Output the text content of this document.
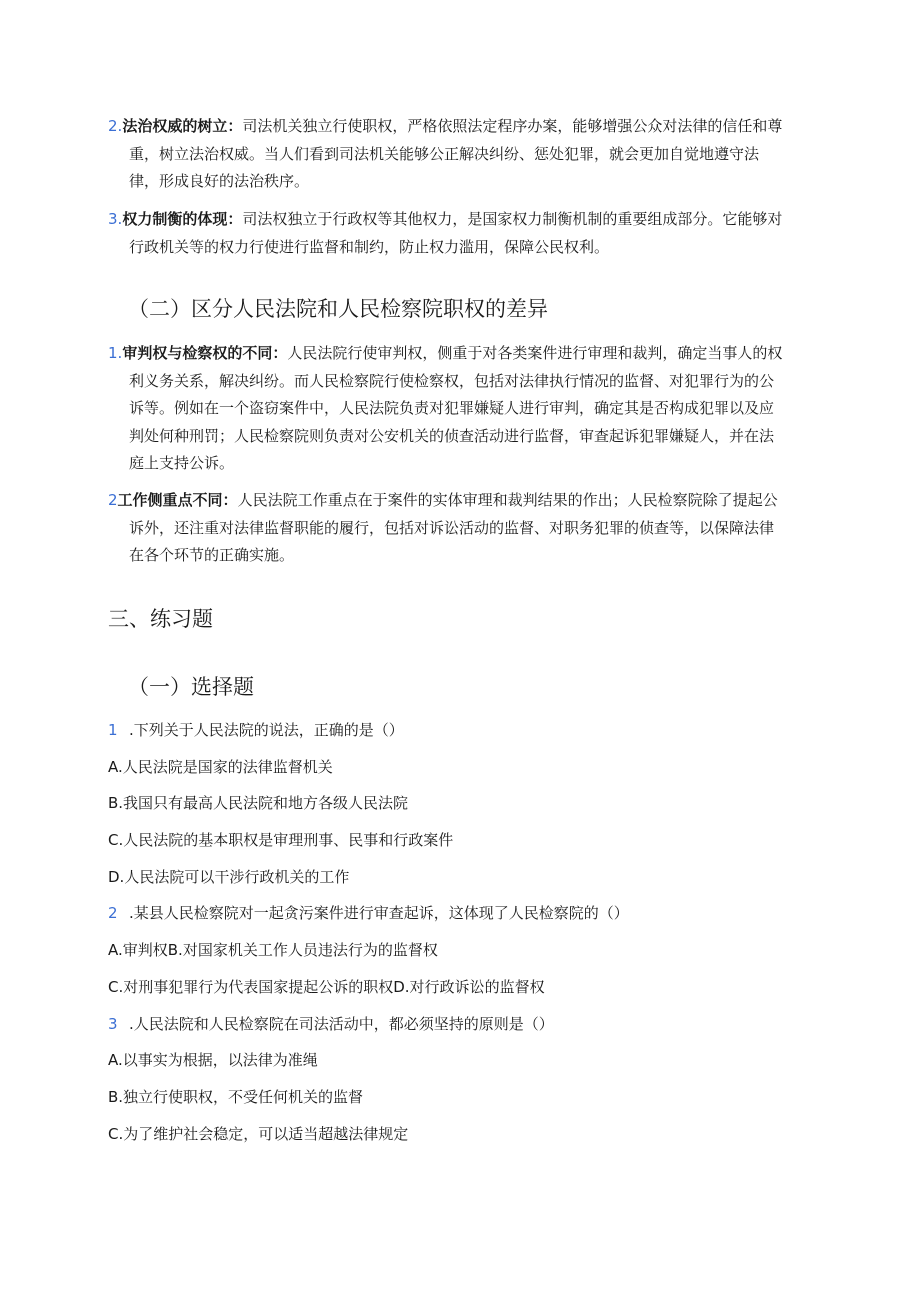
2.法治权威的树立：司法机关独立行使职权，严格依照法定程序办案，能够增强公众对法律的信任和尊
重，树立法治权威。当人们看到司法机关能够公正解决纠纷、惩处犯罪，就会更加自觉地遵守法
律，形成良好的法治秩序。
3.权力制衡的体现：司法权独立于行政权等其他权力，是国家权力制衡机制的重要组成部分。它能够对
行政机关等的权力行使进行监督和制约，防止权力滥用，保障公民权利。
（二）区分人民法院和人民检察院职权的差异
1.审判权与检察权的不同：人民法院行使审判权，侧重于对各类案件进行审理和裁判，确定当事人的权
利义务关系，解决纠纷。而人民检察院行使检察权，包括对法律执行情况的监督、对犯罪行为的公
诉等。例如在一个盗窃案件中，人民法院负责对犯罪嫌疑人进行审判，确定其是否构成犯罪以及应
判处何种刑罚；人民检察院则负责对公安机关的侦查活动进行监督，审查起诉犯罪嫌疑人，并在法
庭上支持公诉。
2工作侧重点不同：人民法院工作重点在于案件的实体审理和裁判结果的作出；人民检察院除了提起公
诉外，还注重对法律监督职能的履行，包括对诉讼活动的监督、对职务犯罪的侦查等，以保障法律
在各个环节的正确实施。
三、练习题
（一）选择题

1 .下列关于人民法院的说法，正确的是（）

A.人民法院是国家的法律监督机关

B.我国只有最高人民法院和地方各级人民法院

C.人民法院的基本职权是审理刑事、民事和行政案件

D.人民法院可以干涉行政机关的工作

2 .某县人民检察院对一起贪污案件进行审查起诉，这体现了人民检察院的（）

A.审判权B.对国家机关工作人员违法行为的监督权

C.对刑事犯罪行为代表国家提起公诉的职权D.对行政诉讼的监督权

3 .人民法院和人民检察院在司法活动中，都必须坚持的原则是（）

A.以事实为根据，以法律为准绳

B.独立行使职权，不受任何机关的监督

C.为了维护社会稳定，可以适当超越法律规定
